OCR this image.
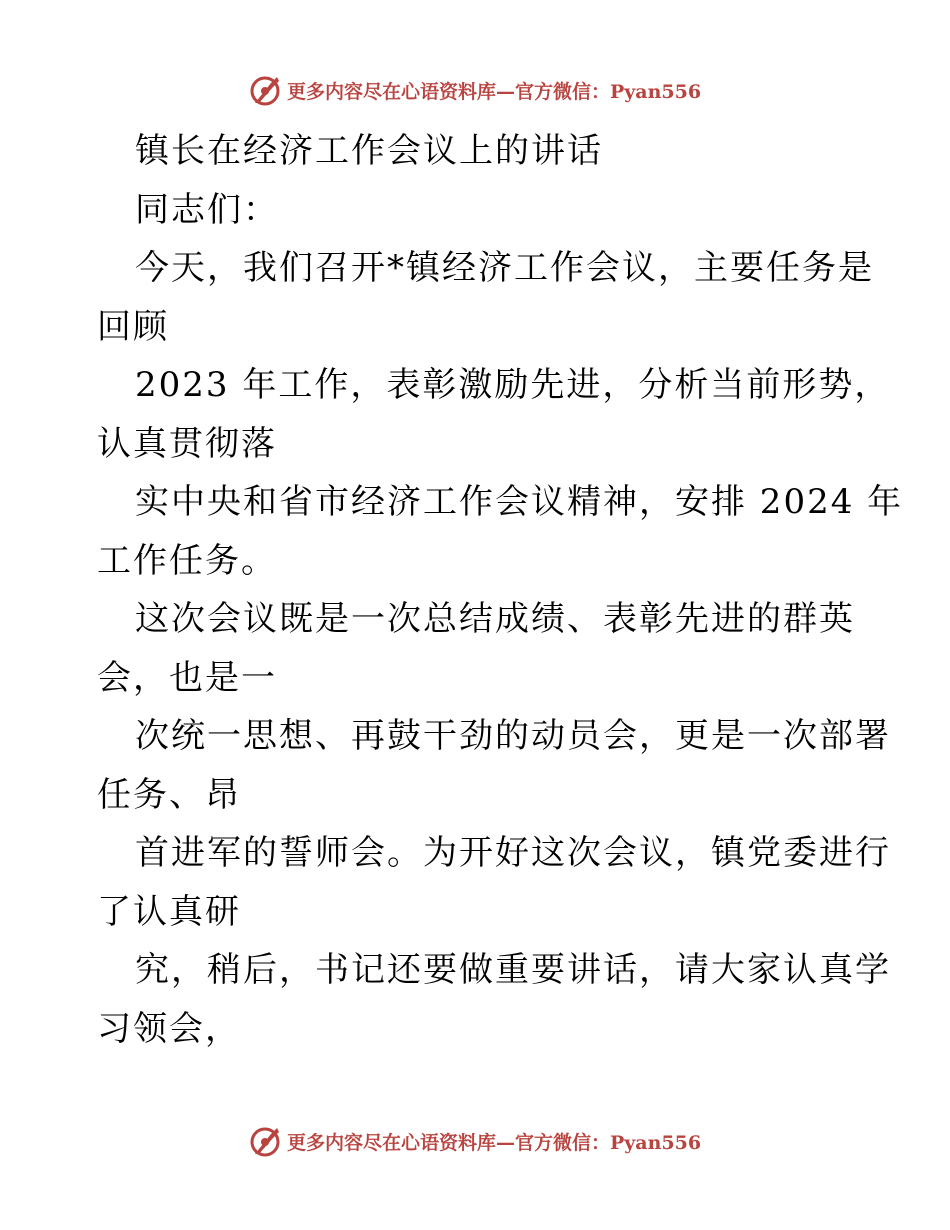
更多内容尽在心语资料库—官方微信：Pyan556
镇长在经济工作会议上的讲话
同志们：
今天，我们召开*镇经济工作会议，主要任务是
回顾
2023 年工作，表彰激励先进，分析当前形势，
认真贯彻落
实中央和省市经济工作会议精神，安排 2024 年
工作任务。
这次会议既是一次总结成绩、表彰先进的群英
会，也是一
次统一思想、再鼓干劲的动员会，更是一次部署
任务、昂
首进军的誓师会。为开好这次会议，镇党委进行
了认真研
究，稍后，书记还要做重要讲话，请大家认真学
习领会，
更多内容尽在心语资料库—官方微信：Pyan556
